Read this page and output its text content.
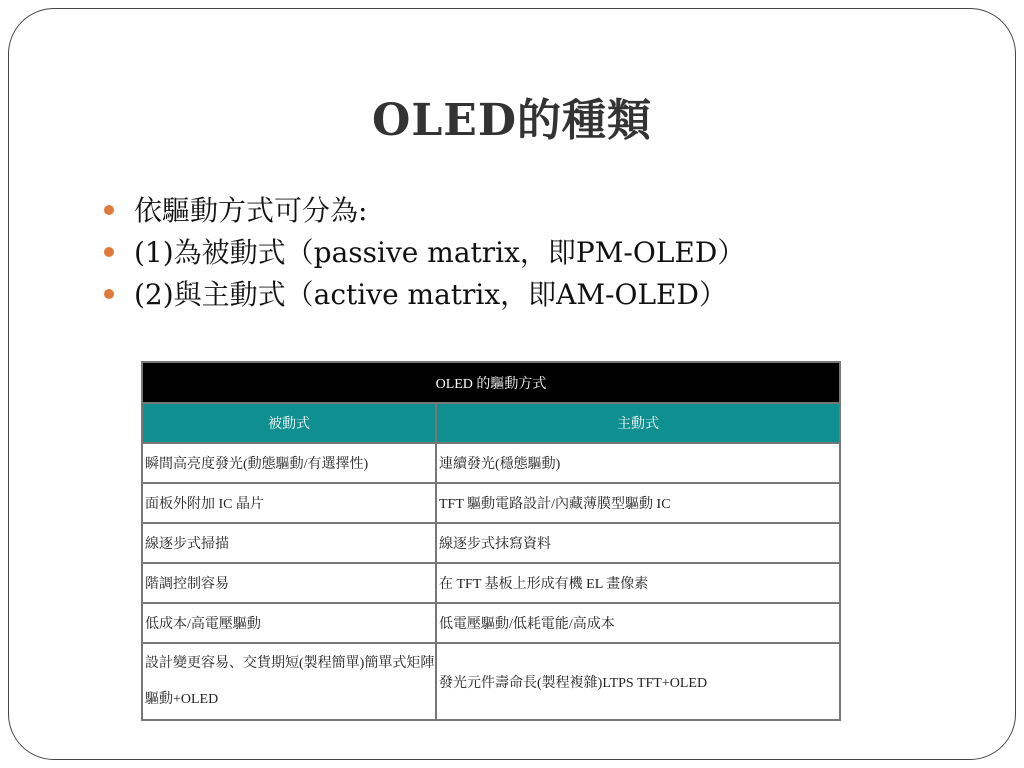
OLED的種類
依驅動方式可分為:
(1)為被動式（passive matrix，即PM-OLED）
(2)與主動式（active matrix，即AM-OLED）
OLED 的驅動方式	
被動式	主動式
瞬間高亮度發光(動態驅動/有選擇性)	連續發光(穩態驅動)
面板外附加 IC 晶片	TFT 驅動電路設計/內藏薄膜型驅動 IC
線逐步式掃描	線逐步式抹寫資料
階調控制容易	在 TFT 基板上形成有機 EL 畫像素
低成本/高電壓驅動	低電壓驅動/低耗電能/高成本
設計變更容易、交貨期短(製程簡單)簡單式矩陣驅動+OLED	發光元件壽命長(製程複雜)LTPS TFT+OLED
